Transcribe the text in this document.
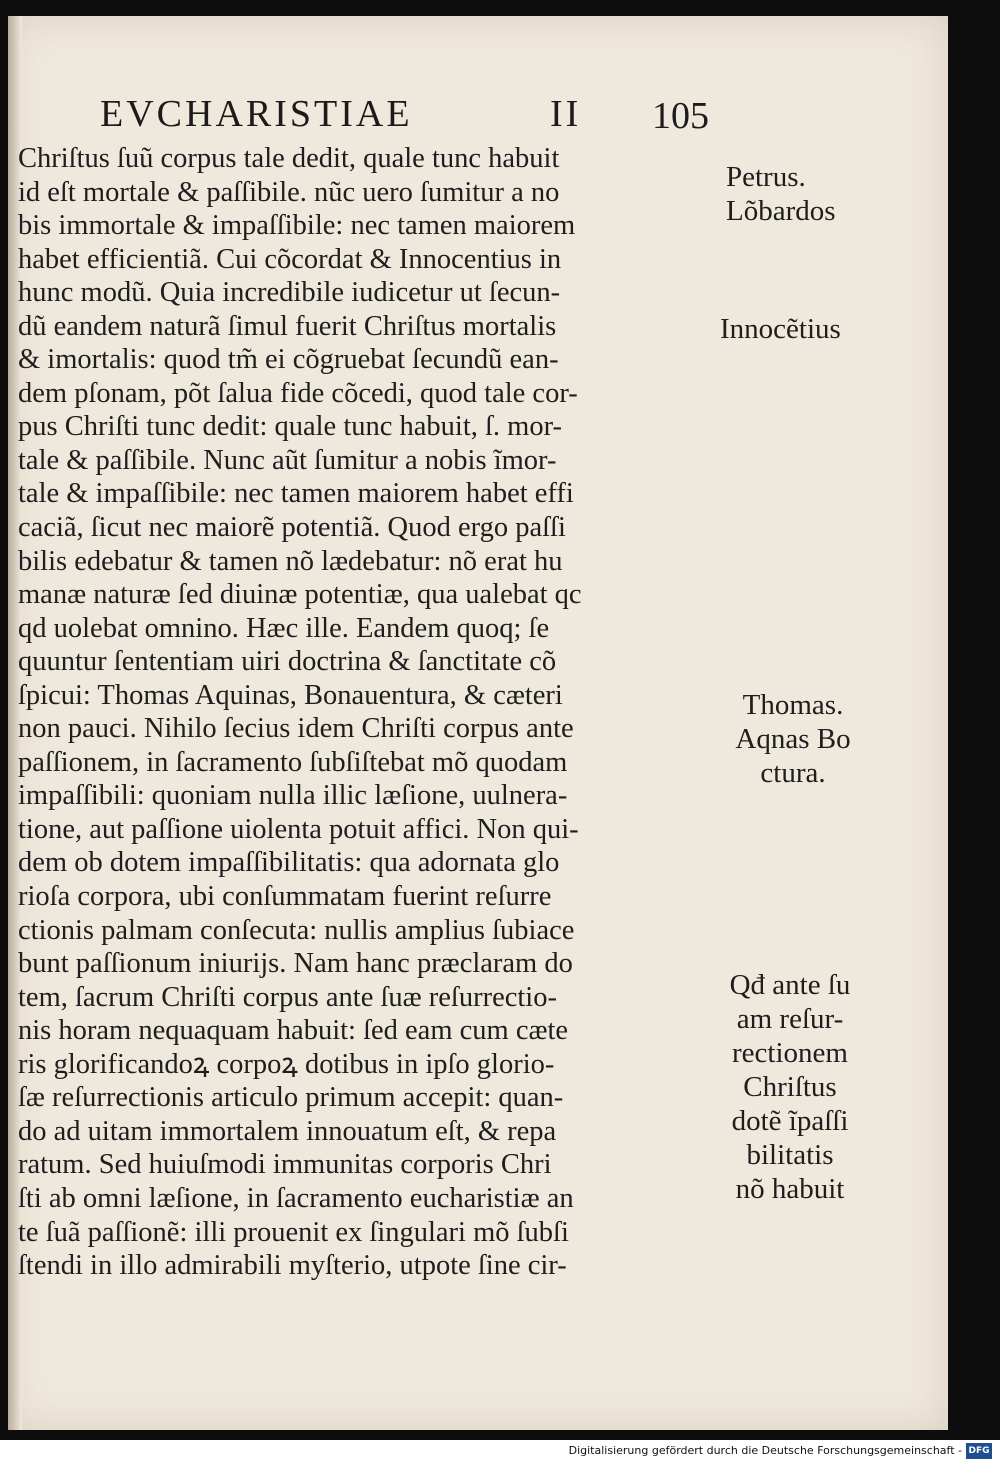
EVCHARISTIAE	II 105
Chriſtus ſuũ corpus tale dedit, quale tunc habuit
id eſt mortale & paſſibile. nũc uero ſumitur a no
bis immortale & impaſſibile: nec tamen maiorem
habet efficientiã. Cui cõcordat & Innocentius in
hunc modũ. Quia incredibile iudicetur ut ſecun-
dũ eandem naturã ſimul fuerit Chriſtus mortalis
& imortalis: quod tm̃ ei cõgruebat ſecundũ ean-
dem pſonam, põt ſalua fide cõcedi, quod tale cor-
pus Chriſti tunc dedit: quale tunc habuit, ſ. mor-
tale & paſſibile. Nunc aũt ſumitur a nobis ĩmor-
tale & impaſſibile: nec tamen maiorem habet effi
caciã, ſicut nec maiorẽ potentiã. Quod ergo paſſi
bilis edebatur & tamen nõ lædebatur: nõ erat hu
manæ naturæ ſed diuinæ potentiæ, qua ualebat qc
qd uolebat omnino. Hæc ille. Eandem quoq; ſe
quuntur ſententiam uiri doctrina & ſanctitate cõ
ſpicui: Thomas Aquinas, Bonauentura, & cæteri
non pauci. Nihilo ſecius idem Chriſti corpus ante
paſſionem, in ſacramento ſubſiſtebat mõ quodam
impaſſibili: quoniam nulla illic læſione, uulnera-
tione, aut paſſione uiolenta potuit affici. Non qui-
dem ob dotem impaſſibilitatis: qua adornata glo
rioſa corpora, ubi conſummatam fuerint reſurre
ctionis palmam conſecuta: nullis amplius ſubiace
bunt paſſionum iniurijs. Nam hanc præclaram do
tem, ſacrum Chriſti corpus ante ſuæ reſurrectio-
nis horam nequaquam habuit: ſed eam cum cæte
ris glorificandoꝝ corpoꝝ dotibus in ipſo glorio-
ſæ reſurrectionis articulo primum accepit: quan-
do ad uitam immortalem innouatum eſt, & repa
ratum. Sed huiuſmodi immunitas corporis Chri
ſti ab omni læſione, in ſacramento eucharistiæ an
te ſuã paſſionẽ: illi prouenit ex ſingulari mõ ſubſi
ſtendi in illo admirabili myſterio, utpote ſine cir-
Petrus.
Lõbardos
Innocẽtius
Thomas.
Aqnas Bo
ctura.
Qđ ante ſu
am reſur-
rectionem
Chriſtus
dotẽ ĩpaſſi
bilitatis
nõ habuit
Digitalisierung gefördert durch die Deutsche Forschungsgemeinschaft - DFG
